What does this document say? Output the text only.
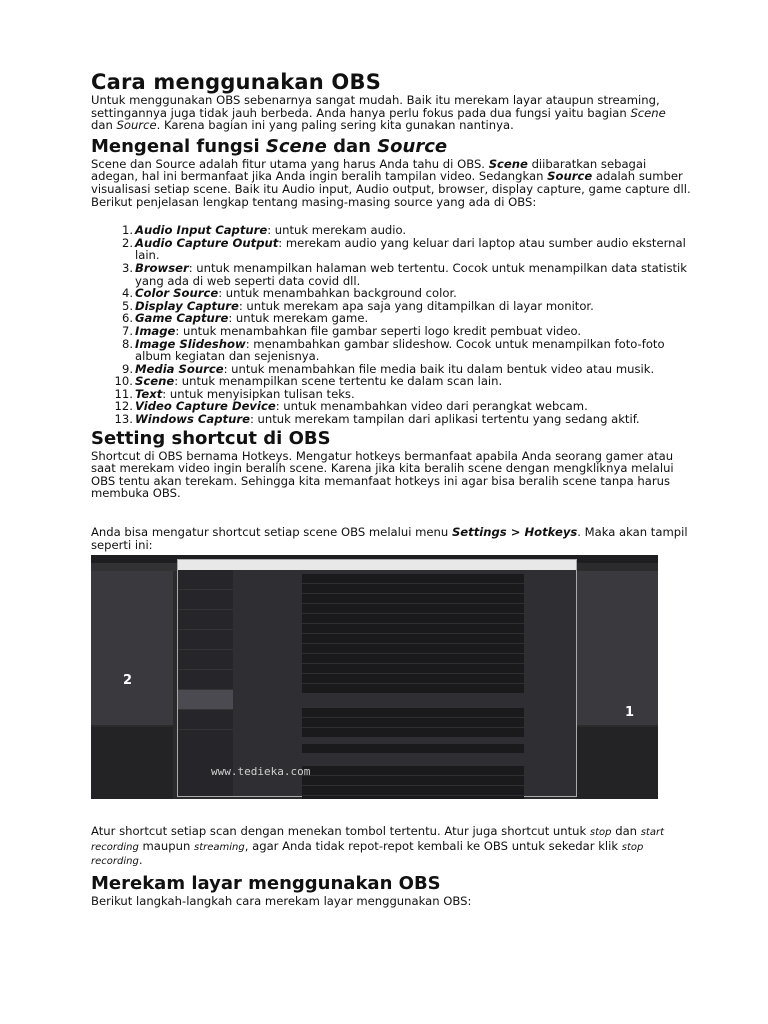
Cara menggunakan OBS

Untuk menggunakan OBS sebenarnya sangat mudah. Baik itu merekam layar ataupun streaming, settingannya juga tidak jauh berbeda. Anda hanya perlu fokus pada dua fungsi yaitu bagian Scene dan Source. Karena bagian ini yang paling sering kita gunakan nantinya.

Mengenal fungsi Scene dan Source

Scene dan Source adalah fitur utama yang harus Anda tahu di OBS. Scene diibaratkan sebagai adegan, hal ini bermanfaat jika Anda ingin beralih tampilan video. Sedangkan Source adalah sumber visualisasi setiap scene. Baik itu Audio input, Audio output, browser, display capture, game capture dll.

Berikut penjelasan lengkap tentang masing-masing source yang ada di OBS:

1. Audio Input Capture: untuk merekam audio.
2. Audio Capture Output: merekam audio yang keluar dari laptop atau sumber audio eksternal lain.
3. Browser: untuk menampilkan halaman web tertentu. Cocok untuk menampilkan data statistik yang ada di web seperti data covid dll.
4. Color Source: untuk menambahkan background color.
5. Display Capture: untuk merekam apa saja yang ditampilkan di layar monitor.
6. Game Capture: untuk merekam game.
7. Image: untuk menambahkan file gambar seperti logo kredit pembuat video.
8. Image Slideshow: menambahkan gambar slideshow. Cocok untuk menampilkan foto-foto album kegiatan dan sejenisnya.
9. Media Source: untuk menambahkan file media baik itu dalam bentuk video atau musik.
10. Scene: untuk menampilkan scene tertentu ke dalam scan lain.
11. Text: untuk menyisipkan tulisan teks.
12. Video Capture Device: untuk menambahkan video dari perangkat webcam.
13. Windows Capture: untuk merekam tampilan dari aplikasi tertentu yang sedang aktif.
Setting shortcut di OBS

Shortcut di OBS bernama Hotkeys. Mengatur hotkeys bermanfaat apabila Anda seorang gamer atau saat merekam video ingin beralih scene. Karena jika kita beralih scene dengan mengkliknya melalui OBS tentu akan terekam. Sehingga kita memanfaat hotkeys ini agar bisa beralih scene tanpa harus membuka OBS.

Anda bisa mengatur shortcut setiap scene OBS melalui menu Settings > Hotkeys. Maka akan tampil seperti ini:

2
1
www.tedieka.com

Atur shortcut setiap scan dengan menekan tombol tertentu. Atur juga shortcut untuk stop dan start recording maupun streaming, agar Anda tidak repot-repot kembali ke OBS untuk sekedar klik stop recording.

Merekam layar menggunakan OBS

Berikut langkah-langkah cara merekam layar menggunakan OBS:
